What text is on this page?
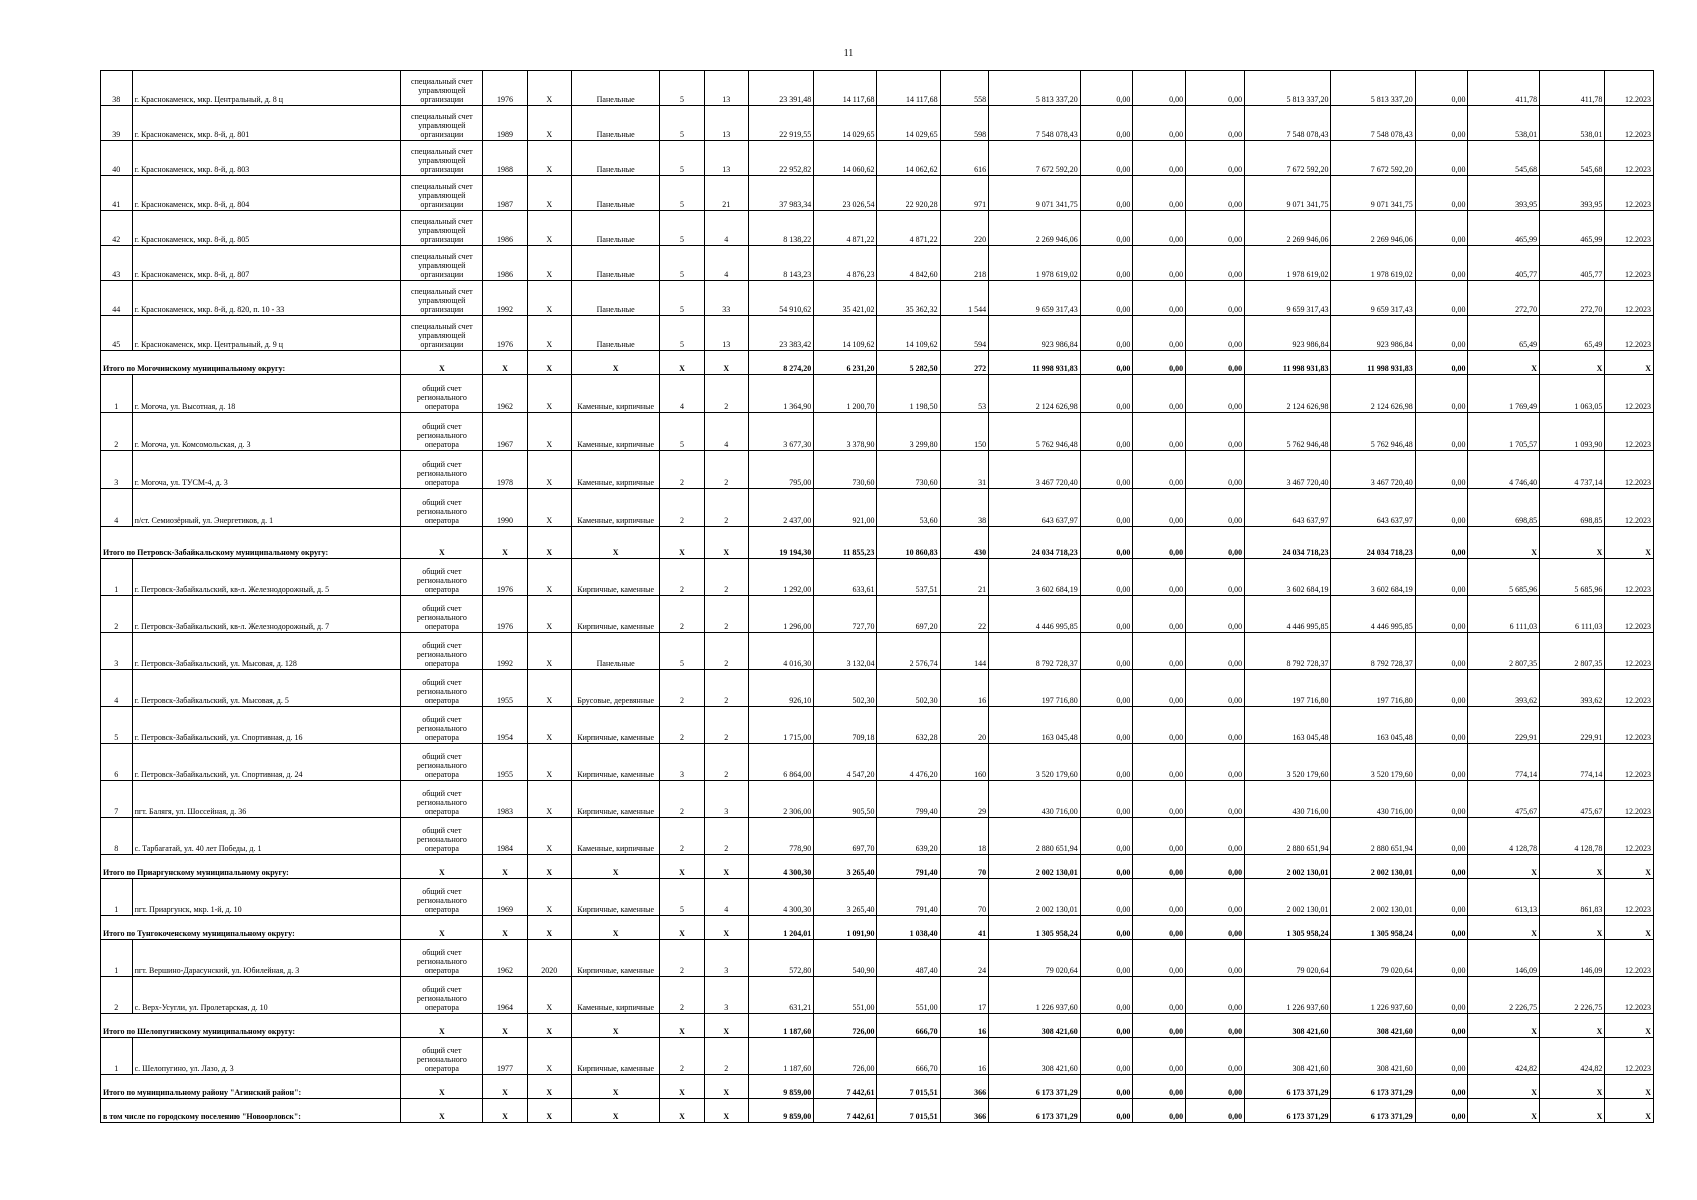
11
38	г. Краснокаменск, мкр. Центральный, д. 8 ц	специальный счет управляющей организации	1976	X	Панельные	5	13	23 391,48	14 117,68	14 117,68	558	5 813 337,20	0,00	0,00	0,00	5 813 337,20	5 813 337,20	0,00	411,78	411,78	12.2023
39	г. Краснокаменск, мкр. 8-й, д. 801	специальный счет управляющей организации	1989	X	Панельные	5	13	22 919,55	14 029,65	14 029,65	598	7 548 078,43	0,00	0,00	0,00	7 548 078,43	7 548 078,43	0,00	538,01	538,01	12.2023
40	г. Краснокаменск, мкр. 8-й, д. 803	специальный счет управляющей организации	1988	X	Панельные	5	13	22 952,82	14 060,62	14 062,62	616	7 672 592,20	0,00	0,00	0,00	7 672 592,20	7 672 592,20	0,00	545,68	545,68	12.2023
41	г. Краснокаменск, мкр. 8-й, д. 804	специальный счет управляющей организации	1987	X	Панельные	5	21	37 983,34	23 026,54	22 920,28	971	9 071 341,75	0,00	0,00	0,00	9 071 341,75	9 071 341,75	0,00	393,95	393,95	12.2023
42	г. Краснокаменск, мкр. 8-й, д. 805	специальный счет управляющей организации	1986	X	Панельные	5	4	8 138,22	4 871,22	4 871,22	220	2 269 946,06	0,00	0,00	0,00	2 269 946,06	2 269 946,06	0,00	465,99	465,99	12.2023
43	г. Краснокаменск, мкр. 8-й, д. 807	специальный счет управляющей организации	1986	X	Панельные	5	4	8 143,23	4 876,23	4 842,60	218	1 978 619,02	0,00	0,00	0,00	1 978 619,02	1 978 619,02	0,00	405,77	405,77	12.2023
44	г. Краснокаменск, мкр. 8-й, д. 820, п. 10 - 33	специальный счет управляющей организации	1992	X	Панельные	5	33	54 910,62	35 421,02	35 362,32	1 544	9 659 317,43	0,00	0,00	0,00	9 659 317,43	9 659 317,43	0,00	272,70	272,70	12.2023
45	г. Краснокаменск, мкр. Центральный, д. 9 ц	специальный счет управляющей организации	1976	X	Панельные	5	13	23 383,42	14 109,62	14 109,62	594	923 986,84	0,00	0,00	0,00	923 986,84	923 986,84	0,00	65,49	65,49	12.2023
Итого по Могочинскому муниципальному округу:		X	X	X	X	X	X	8 274,20	6 231,20	5 282,50	272	11 998 931,83	0,00	0,00	0,00	11 998 931,83	11 998 931,83	0,00	X	X	X
1	г. Могоча, ул. Высотная, д. 18	общий счет регионального оператора	1962	X	Каменные, кирпичные	4	2	1 364,90	1 200,70	1 198,50	53	2 124 626,98	0,00	0,00	0,00	2 124 626,98	2 124 626,98	0,00	1 769,49	1 063,05	12.2023
2	г. Могоча, ул. Комсомольская, д. 3	общий счет регионального оператора	1967	X	Каменные, кирпичные	5	4	3 677,30	3 378,90	3 299,80	150	5 762 946,48	0,00	0,00	0,00	5 762 946,48	5 762 946,48	0,00	1 705,57	1 093,90	12.2023
3	г. Могоча, ул. ТУСМ-4, д. 3	общий счет регионального оператора	1978	X	Каменные, кирпичные	2	2	795,00	730,60	730,60	31	3 467 720,40	0,00	0,00	0,00	3 467 720,40	3 467 720,40	0,00	4 746,40	4 737,14	12.2023
4	п/ст. Семиозёрный, ул. Энергетиков, д. 1	общий счет регионального оператора	1990	X	Каменные, кирпичные	2	2	2 437,00	921,00	53,60	38	643 637,97	0,00	0,00	0,00	643 637,97	643 637,97	0,00	698,85	698,85	12.2023
Итого по Петровск-Забайкальскому муниципальному округу:		X	X	X	X	X	X	19 194,30	11 855,23	10 860,83	430	24 034 718,23	0,00	0,00	0,00	24 034 718,23	24 034 718,23	0,00	X	X	X
1	г. Петровск-Забайкальский, кв-л. Железнодорожный, д. 5	общий счет регионального оператора	1976	X	Кирпичные, каменные	2	2	1 292,00	633,61	537,51	21	3 602 684,19	0,00	0,00	0,00	3 602 684,19	3 602 684,19	0,00	5 685,96	5 685,96	12.2023
2	г. Петровск-Забайкальский, кв-л. Железнодорожный, д. 7	общий счет регионального оператора	1976	X	Кирпичные, каменные	2	2	1 296,00	727,70	697,20	22	4 446 995,85	0,00	0,00	0,00	4 446 995,85	4 446 995,85	0,00	6 111,03	6 111,03	12.2023
3	г. Петровск-Забайкальский, ул. Мысовая, д. 128	общий счет регионального оператора	1992	X	Панельные	5	2	4 016,30	3 132,04	2 576,74	144	8 792 728,37	0,00	0,00	0,00	8 792 728,37	8 792 728,37	0,00	2 807,35	2 807,35	12.2023
4	г. Петровск-Забайкальский, ул. Мысовая, д. 5	общий счет регионального оператора	1955	X	Брусовые, деревянные	2	2	926,10	502,30	502,30	16	197 716,80	0,00	0,00	0,00	197 716,80	197 716,80	0,00	393,62	393,62	12.2023
5	г. Петровск-Забайкальский, ул. Спортивная, д. 16	общий счет регионального оператора	1954	X	Кирпичные, каменные	2	2	1 715,00	709,18	632,28	20	163 045,48	0,00	0,00	0,00	163 045,48	163 045,48	0,00	229,91	229,91	12.2023
6	г. Петровск-Забайкальский, ул. Спортивная, д. 24	общий счет регионального оператора	1955	X	Кирпичные, каменные	3	2	6 864,00	4 547,20	4 476,20	160	3 520 179,60	0,00	0,00	0,00	3 520 179,60	3 520 179,60	0,00	774,14	774,14	12.2023
7	пгт. Балягя, ул. Шоссейная, д. 36	общий счет регионального оператора	1983	X	Кирпичные, каменные	2	3	2 306,00	905,50	799,40	29	430 716,00	0,00	0,00	0,00	430 716,00	430 716,00	0,00	475,67	475,67	12.2023
8	с. Тарбагатай, ул. 40 лет Победы, д. 1	общий счет регионального оператора	1984	X	Каменные, кирпичные	2	2	778,90	697,70	639,20	18	2 880 651,94	0,00	0,00	0,00	2 880 651,94	2 880 651,94	0,00	4 128,78	4 128,78	12.2023
Итого по Приаргунскому муниципальному округу:		X	X	X	X	X	X	4 300,30	3 265,40	791,40	70	2 002 130,01	0,00	0,00	0,00	2 002 130,01	2 002 130,01	0,00	X	X	X
1	пгт. Приаргунск, мкр. 1-й, д. 10	общий счет регионального оператора	1969	X	Кирпичные, каменные	5	4	4 300,30	3 265,40	791,40	70	2 002 130,01	0,00	0,00	0,00	2 002 130,01	2 002 130,01	0,00	613,13	861,83	12.2023
Итого по Тунгокоченскому муниципальному округу:		X	X	X	X	X	X	1 204,01	1 091,90	1 038,40	41	1 305 958,24	0,00	0,00	0,00	1 305 958,24	1 305 958,24	0,00	X	X	X
1	пгт. Вершино-Дарасунский, ул. Юбилейная, д. 3	общий счет регионального оператора	1962	2020	Кирпичные, каменные	2	3	572,80	540,90	487,40	24	79 020,64	0,00	0,00	0,00	79 020,64	79 020,64	0,00	146,09	146,09	12.2023
2	с. Верх-Усугли, ул. Пролетарская, д. 10	общий счет регионального оператора	1964	X	Каменные, кирпичные	2	3	631,21	551,00	551,00	17	1 226 937,60	0,00	0,00	0,00	1 226 937,60	1 226 937,60	0,00	2 226,75	2 226,75	12.2023
Итого по Шелопугинскому муниципальному округу:		X	X	X	X	X	X	1 187,60	726,00	666,70	16	308 421,60	0,00	0,00	0,00	308 421,60	308 421,60	0,00	X	X	X
1	с. Шелопугино, ул. Лазо, д. 3	общий счет регионального оператора	1977	X	Кирпичные, каменные	2	2	1 187,60	726,00	666,70	16	308 421,60	0,00	0,00	0,00	308 421,60	308 421,60	0,00	424,82	424,82	12.2023
Итого по муниципальному району "Агинский район":		X	X	X	X	X	X	9 859,00	7 442,61	7 015,51	366	6 173 371,29	0,00	0,00	0,00	6 173 371,29	6 173 371,29	0,00	X	X	X
в том числе по городскому поселению "Новоорловск":		X	X	X	X	X	X	9 859,00	7 442,61	7 015,51	366	6 173 371,29	0,00	0,00	0,00	6 173 371,29	6 173 371,29	0,00	X	X	X
